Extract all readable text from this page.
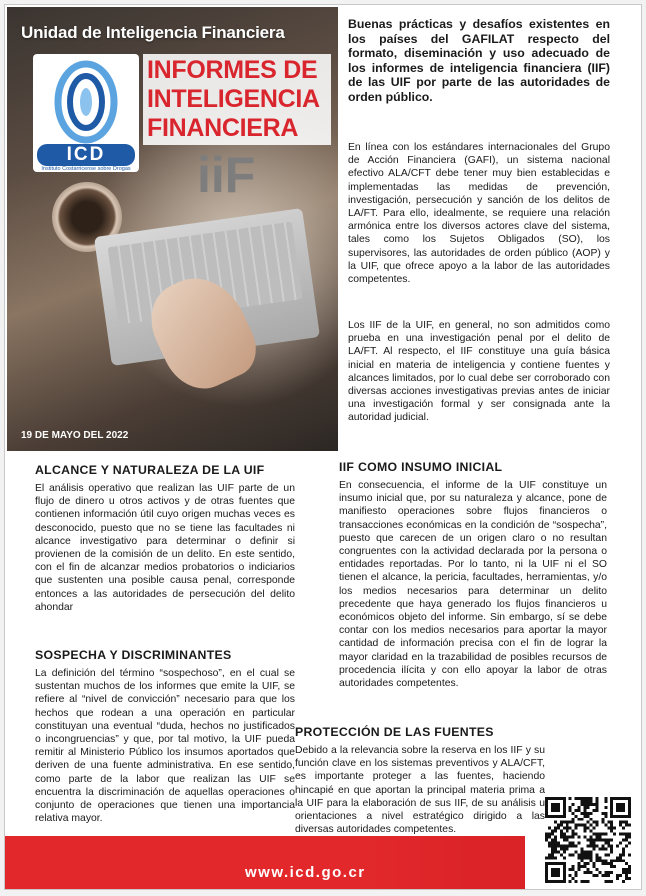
Unidad de Inteligencia Financiera
ICD
Instituto Costarricense sobre Drogas
INFORMES DE
INTELIGENCIA
FINANCIERA
iiF
19 DE MAYO DEL 2022
Buenas prácticas y desafíos existentes en los países del GAFILAT respecto del formato, diseminación y uso adecuado de los informes de inteligencia financiera (IIF) de las UIF por parte de las autoridades de orden público.

En línea con los estándares internacionales del Grupo de Acción Financiera (GAFI), un sistema nacional efectivo ALA/CFT debe tener muy bien establecidas e implementadas las medidas de prevención, investigación, persecución y sanción de los delitos de LA/FT. Para ello, idealmente, se requiere una relación armónica entre los diversos actores clave del sistema, tales como los Sujetos Obligados (SO), los supervisores, las autoridades de orden público (AOP) y la UIF, que ofrece apoyo a la labor de las autoridades competentes.

Los IIF de la UIF, en general, no son admitidos como prueba en una investigación penal por el delito de LA/FT. Al respecto, el IIF constituye una guía básica inicial en materia de inteligencia y contiene fuentes y alcances limitados, por lo cual debe ser corroborado con diversas acciones investigativas previas antes de iniciar una investigación formal y ser consignada ante la autoridad judicial.

ALCANCE Y NATURALEZA DE LA UIF

El análisis operativo que realizan las UIF parte de un flujo de dinero u otros activos y de otras fuentes que contienen información útil cuyo origen muchas veces es desconocido, puesto que no se tiene las facultades ni alcance investigativo para determinar o definir si provienen de la comisión de un delito. En este sentido, con el fin de alcanzar medios probatorios o indiciarios que sustenten una posible causa penal, corresponde entonces a las autoridades de persecución del delito ahondar

SOSPECHA Y DISCRIMINANTES

La definición del término “sospechoso”, en el cual se sustentan muchos de los informes que emite la UIF, se refiere al “nivel de convicción” necesario para que los hechos que rodean a una operación en particular constituyan una eventual “duda, hechos no justificados o incongruencias” y que, por tal motivo, la UIF pueda remitir al Ministerio Público los insumos aportados que deriven de una fuente administrativa. En ese sentido, como parte de la labor que realizan las UIF se encuentra la discriminación de aquellas operaciones o conjunto de operaciones que tienen una importancia relativa mayor.

IIF COMO INSUMO INICIAL

En consecuencia, el informe de la UIF constituye un insumo inicial que, por su naturaleza y alcance, pone de manifiesto operaciones sobre flujos financieros o transacciones económicas en la condición de “sospecha”, puesto que carecen de un origen claro o no resultan congruentes con la actividad declarada por la persona o entidades reportadas. Por lo tanto, ni la UIF ni el SO tienen el alcance, la pericia, facultades, herramientas, y/o los medios necesarios para determinar un delito precedente que haya generado los flujos financieros u económicos objeto del informe. Sin embargo, sí se debe contar con los medios necesarios para aportar la mayor cantidad de información precisa con el fin de lograr la mayor claridad en la trazabilidad de posibles recursos de procedencia ilícita y con ello apoyar la labor de otras autoridades competentes.

PROTECCIÓN DE LAS FUENTES

Debido a la relevancia sobre la reserva en los IIF y su función clave en los sistemas preventivos y ALA/CFT, es importante proteger a las fuentes, haciendo hincapié en que aportan la principal materia prima a la UIF para la elaboración de sus IIF, de su análisis u orientaciones a nivel estratégico dirigido a las diversas autoridades competentes.

www.icd.go.cr
